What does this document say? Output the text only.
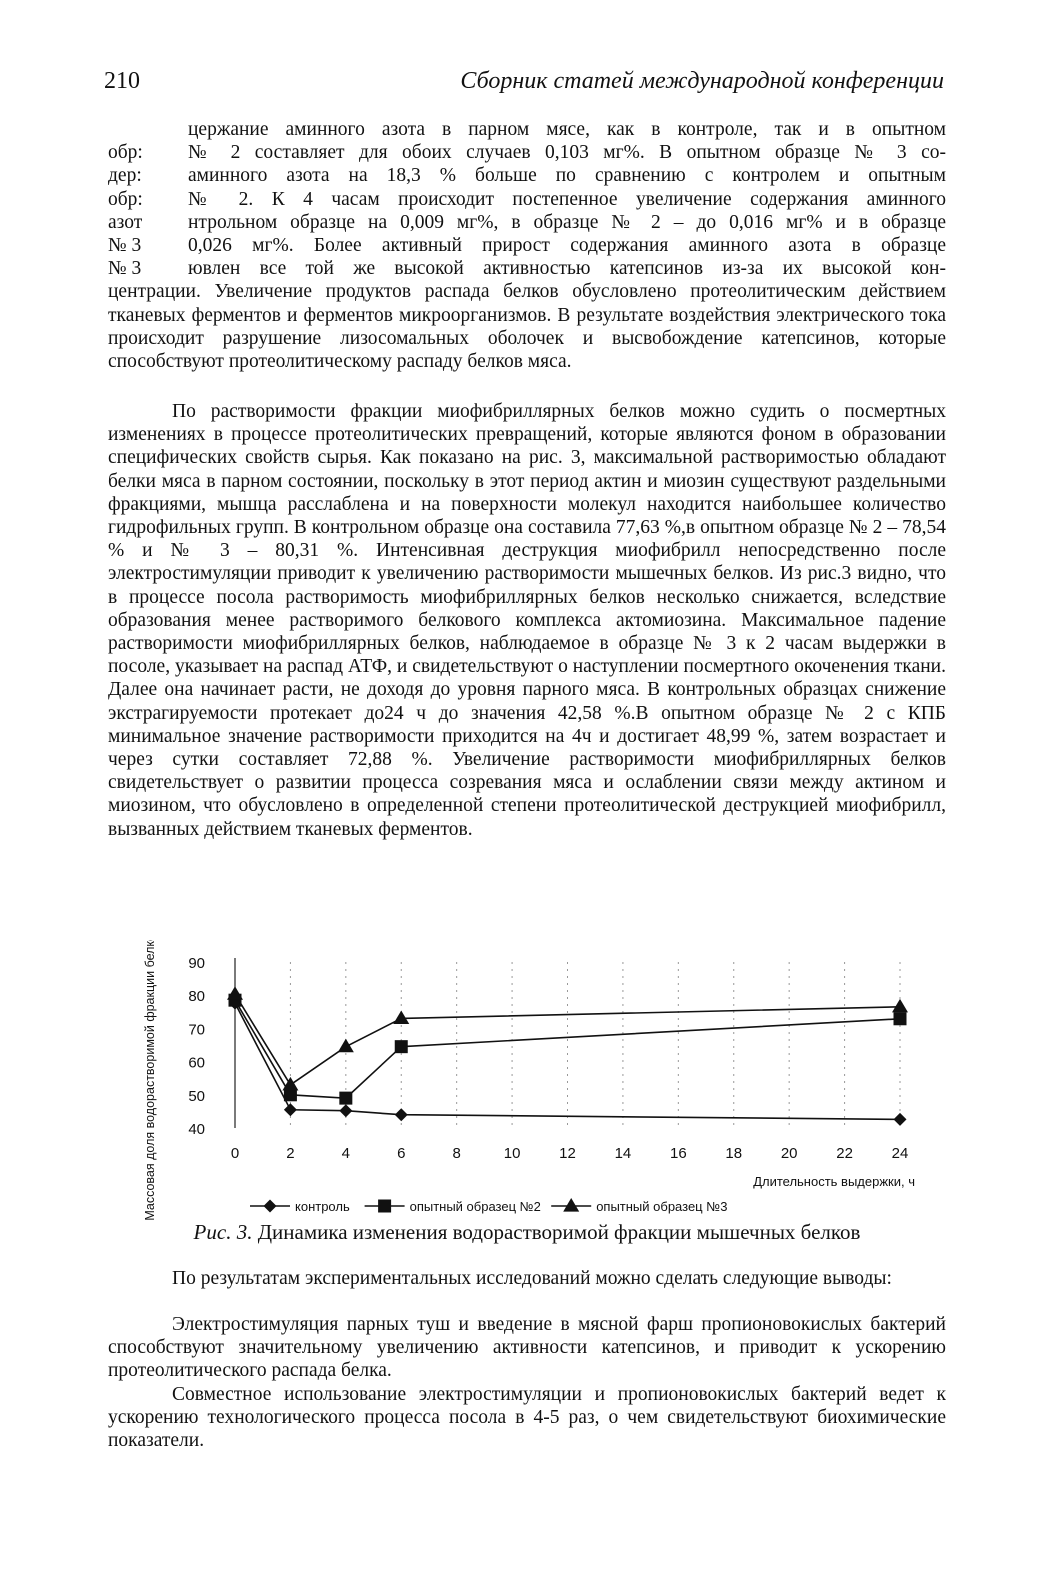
210	Сборник статей международной конференции
цержание аминного азота в парном мясе, как в контроле, так и в опытном
обр: № 2 составляет для обоих случаев 0,103 мг%. В опытном образце № 3 со-
дер: аминного азота на 18,3 % больше по сравнению с контролем и опытным
обр: № 2. К 4 часам происходит постепенное увеличение содержания аминного
азот нтрольном образце на 0,009 мг%, в образце № 2 – до 0,016 мг% и в образце
№ 3 0,026 мг%. Более активный прирост содержания аминного азота в образце
№ 3 ювлен все той же высокой активностью катепсинов из-за их высокой кон-

центрации. Увеличение продуктов распада белков обусловлено протеолитическим действием тканевых ферментов и ферментов микроорганизмов. В результате воздействия электрического тока происходит разрушение лизосомальных оболочек и высвобождение катепсинов, которые способствуют протеолитическому распаду белков мяса.

По растворимости фракции миофибриллярных белков можно судить о посмертных изменениях в процессе протеолитических превращений, которые являются фоном в образовании специфических свойств сырья. Как показано на рис. 3, максимальной растворимостью обладают белки мяса в парном состоянии, поскольку в этот период актин и миозин существуют раздельными фракциями, мышца расслаблена и на поверхности молекул находится наибольшее количество гидрофильных групп. В контрольном образце она составила 77,63 %,в опытном образце № 2 – 78,54 % и № 3 – 80,31 %. Интенсивная деструкция миофибрилл непосредственно после электростимуляции приводит к увеличению растворимости мышечных белков. Из рис.3 видно, что в процессе посола растворимость миофибриллярных белков несколько снижается, вследствие образования менее растворимого белкового комплекса актомиозина. Максимальное падение растворимости миофибриллярных белков, наблюдаемое в образце № 3 к 2 часам выдержки в посоле, указывает на распад АТФ, и свидетельствуют о наступлении посмертного окоченения ткани. Далее она начинает расти, не доходя до уровня парного мяса. В контрольных образцах снижение экстрагируемости протекает до24 ч до значения 42,58 %.В опытном образце № 2 с КПБ минимальное значение растворимости приходится на 4ч и достигает 48,99 %, затем возрастает и через сутки составляет 72,88 %. Увеличение растворимости миофибриллярных белков свидетельствует о развитии процесса созревания мяса и ослаблении связи между актином и миозином, что обусловлено в определенной степени протеолитической деструкцией миофибрилл, вызванных действием тканевых ферментов.

40
50
60
70
80
90
0	2	4	6	8	10	12	14	16	18	20	22	24
Массовая доля водорастворимой фракции белков, %	Длительность выдержки, ч
контроль	опытный образец №2	опытный образец №3
Рис. 3. Динамика изменения водорастворимой фракции мышечных белков

По результатам экспериментальных исследований можно сделать следующие выводы:

Электростимуляция парных туш и введение в мясной фарш пропионовокислых бактерий способствуют значительному увеличению активности катепсинов, и приводит к ускорению протеолитического распада белка.

Совместное использование электростимуляции и пропионовокислых бактерий ведет к ускорению технологического процесса посола в 4-5 раз, о чем свидетельствуют биохимические показатели.
